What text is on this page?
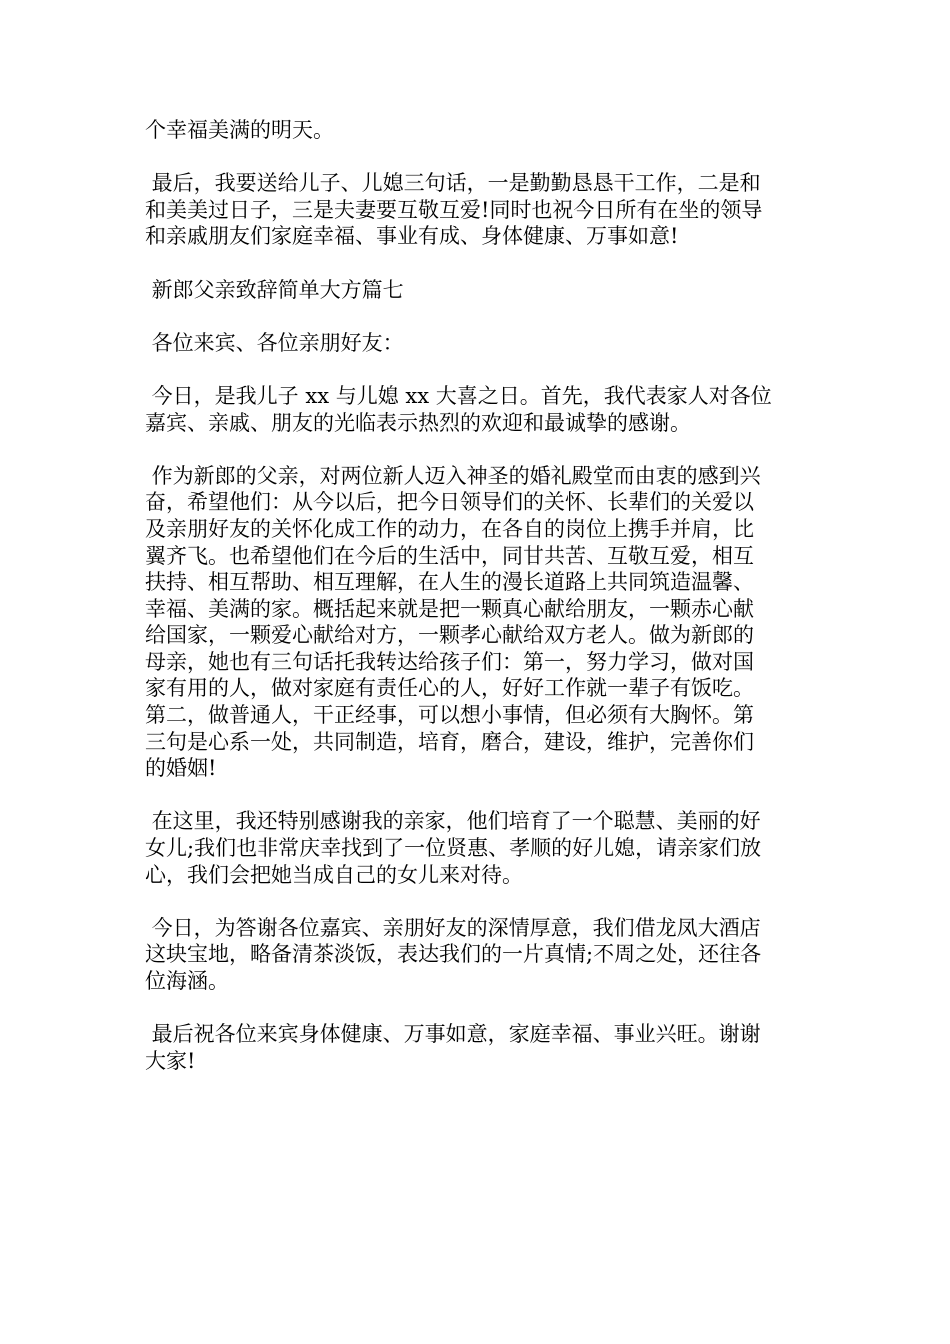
个幸福美满的明天。
最后，我要送给儿子、儿媳三句话，一是勤勤恳恳干工作，二是和
和美美过日子，三是夫妻要互敬互爱!同时也祝今日所有在坐的领导
和亲戚朋友们家庭幸福、事业有成、身体健康、万事如意!
新郎父亲致辞简单大方篇七
各位来宾、各位亲朋好友：
今日，是我儿子 xx 与儿媳 xx 大喜之日。首先，我代表家人对各位
嘉宾、亲戚、朋友的光临表示热烈的欢迎和最诚挚的感谢。
作为新郎的父亲，对两位新人迈入神圣的婚礼殿堂而由衷的感到兴
奋，希望他们：从今以后，把今日领导们的关怀、长辈们的关爱以
及亲朋好友的关怀化成工作的动力，在各自的岗位上携手并肩，比
翼齐飞。也希望他们在今后的生活中，同甘共苦、互敬互爱，相互
扶持、相互帮助、相互理解，在人生的漫长道路上共同筑造温馨、
幸福、美满的家。概括起来就是把一颗真心献给朋友，一颗赤心献
给国家，一颗爱心献给对方，一颗孝心献给双方老人。做为新郎的
母亲，她也有三句话托我转达给孩子们：第一，努力学习，做对国
家有用的人，做对家庭有责任心的人，好好工作就一辈子有饭吃。
第二，做普通人，干正经事，可以想小事情，但必须有大胸怀。第
三句是心系一处，共同制造，培育，磨合，建设，维护，完善你们
的婚姻!
在这里，我还特别感谢我的亲家，他们培育了一个聪慧、美丽的好
女儿;我们也非常庆幸找到了一位贤惠、孝顺的好儿媳，请亲家们放
心，我们会把她当成自己的女儿来对待。
今日，为答谢各位嘉宾、亲朋好友的深情厚意，我们借龙凤大酒店
这块宝地，略备清茶淡饭，表达我们的一片真情;不周之处，还往各
位海涵。
最后祝各位来宾身体健康、万事如意，家庭幸福、事业兴旺。谢谢
大家!
